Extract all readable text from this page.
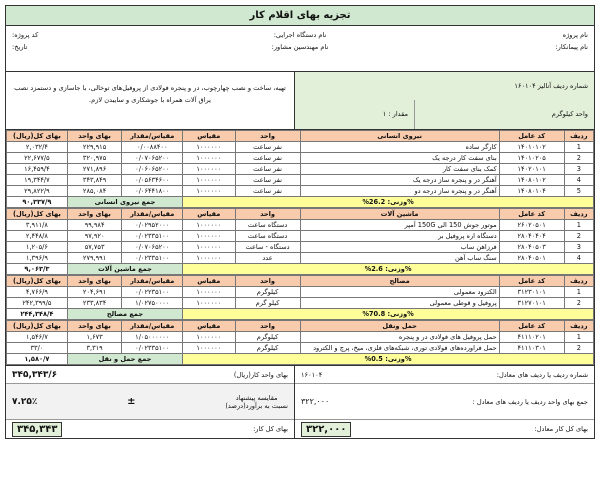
تجزیه بهای اقلام کار
نام پروژه
نام پیمانکار:
نام دستگاه اجرایی:
نام مهندسین مشاور:
کد پروژه:
تاریخ:
شماره ردیف آنالیز ۱۶۰۱۰۴
واحد کیلوگرم
مقدار : ۱
تهیه، ساخت و نصب چهارچوب، در و پنجره فولادی از پروفیل‌های توخالی، با جاسازی و دستمزد نصب یراق آلات همراه با جوشکاری و سایبدن لازم.
ردیف	کد عامل	نیروی انسانی	واحد	مقیاس	مقیاس/مقدار	بهای واحد	بهای کل(ریال)
1	۱۴۰۱۰۱۰۲	کارگر ساده	نفر ساعت	۱۰۰۰۰۰۰	۰/۰۰۸۸۴۰۰	۲۲۹,۹۱۵	۲,۰۳۲/۴
2	۱۴۰۱۰۲۰۵	بنای سفت کار درجه یک	نفر ساعت	۱۰۰۰۰۰۰	۰/۰۷۰۶۵۲۰۰	۳۲۰,۹۷۵	۲۲,۶۷۷/۵
3	۱۴۰۲۰۱۰۱	کمک بنای سفت کار	نفر ساعت	۱۰۰۰۰۰۰	۰/۰۶۰۶۵۲۰۰	۲۷۱,۸۹۶	۱۶,۴۵۹/۴
4	۱۴۰۸۰۱۰۲	آهنگر در و پنجره ساز درجه یک	نفر ساعت	۱۰۰۰۰۰۰	۰/۰۵۶۳۴۶۰۰	۳۴۳,۸۴۹	۱۹,۳۴۴/۷
5	۱۴۰۸۰۱۰۴	آهنگر در و پنجره ساز درجه دو	نفر ساعت	۱۰۰۰۰۰۰	۰/۰۶۴۴۱۸۰۰	۲۸۵,۰۸۴	۲۹,۸۲۲/۹
%وزنی: 26.2%					جمع نیروی انسانی		۹۰,۳۳۷/۹
ردیف	کد عامل	ماشین آلات	واحد	مقیاس	مقیاس/مقدار	بهای واحد	بهای کل(ریال)
1	۲۶۰۲۰۵۰۱	موتور جوش 150 الی 150G آمپر	دستگاه ساعت	۱۰۰۰۰۰۰	۰/۰۲۹۵۲۰۰۰	۹۹,۹۸۴	۳,۹۱۱/۸
2	۲۸۰۴۰۴۰۴	دستگاه اره پروفیل بر	دستگاه ساعت	۱۰۰۰۰۰۰	۰/۰۲۳۳۵۱۰۰	۹۷,۹۲۰	۲,۴۴۸/۸
3	۲۸۰۴۰۵۰۳	فرزاهن ساب	دستگاه - ساعت	۱۰۰۰۰۰۰	۰/۰۷۰۶۵۲۰۰	۵۷,۷۵۳	۱,۲۰۵/۶
4	۲۸۰۴۰۵۰۱	سنگ ساب آهن	عدد	۱۰۰۰۰۰۰	۰/۰۲۳۳۵۱۰۰	۲۷۹,۹۹۱	۱,۳۹۶/۹
%وزنی: 2.6%					جمع ماشین آلات		۹,۰۶۳/۳
ردیف	کد عامل	مصالح	واحد	مقیاس	مقیاس/مقدار	بهای واحد	بهای کل(ریال)
1	۳۱۲۳۰۱۰۱	الکترود معمولی	کیلوگرم	۱۰۰۰۰۰۰	۰/۰۲۲۳۵۱۰۰	۲۰۴,۶۹۱	۴,۷۶۶/۹
2	۳۱۲۷۰۱۰۱	پروفیل و قوطی معمولی	کیلو گرم	۱۰۰۰۰۰۰	۱/۰۲۷۵۰۰۰۰	۲۳۳,۸۳۴	۲۴۲,۳۹۹/۵
%وزنی: 70.8%					جمع مصالح		۲۴۴,۳۴۸/۴
ردیف	کد عامل	حمل ونقل	واحد	مقیاس	مقیاس/مقدار	بهای واحد	بهای کل(ریال)
1	۴۱۱۱۰۲۰۱	حمل پروفیل های فولادی در و پنجره	کیلوگرم	۱۰۰۰۰۰۰	۱/۰۵۰۰۰۰۰۰	۱,۶۷۳	۱,۵۴۶/۷
2	۴۱۱۱۰۳۰۱	حمل فراورده‌های فولادی توری، شبکه‌های فلزی، میخ، پرچ و الکترود	کیلوگرم	۱۰۰۰۰۰۰	۰/۰۲۳۳۵۱۰۰	۳,۳۱۹	۳۳/۰
%وزنی: 0.5%					جمع حمل و نقل		۱,۵۸۰/۷
شماره ردیف یا ردیف های معادل:
۱۶۰۱۰۴
جمع بهای واحد ردیف یا ردیف های معادل :
۳۲۲,۰۰۰
بهای کل کار معادل:
۳۲۲,۰۰۰
بهای واحد کار(ریال)
۳۴۵,۳۴۳/۶
مقایسه پیشنهاد
نسبت به برآورد(درصد)
±
۷.۲۵٪
بهای کل کار:
۳۴۵,۳۴۳
